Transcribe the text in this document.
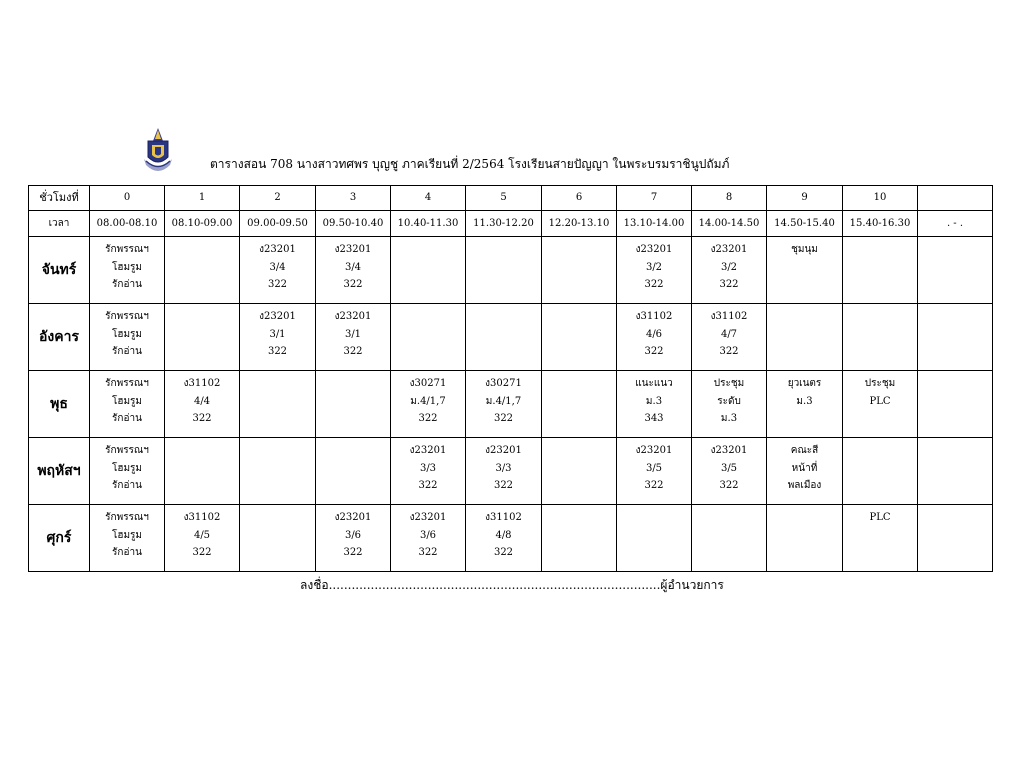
ตารางสอน 708 นางสาวทศพร บุญชู ภาคเรียนที่ 2/2564 โรงเรียนสายปัญญา ในพระบรมราชินูปถัมภ์
ชั่วโมงที่	0	1	2	3	4	5	6	7	8	9	10	
เวลา	08.00-08.10	08.10-09.00	09.00-09.50	09.50-10.40	10.40-11.30	11.30-12.20	12.20-13.10	13.10-14.00	14.00-14.50	14.50-15.40	15.40-16.30	. - .
จันทร์	รักพรรณฯ
โฮมรูม
รักอ่าน		ง23201
3/4
322	ง23201
3/4
322				ง23201
3/2
322	ง23201
3/2
322	ชุมนุม		

อังคาร	รักพรรณฯ
โฮมรูม
รักอ่าน		ง23201
3/1
322	ง23201
3/1
322				ง31102
4/6
322	ง31102
4/7
322			

พุธ	รักพรรณฯ
โฮมรูม
รักอ่าน	ง31102
4/4
322			ง30271
ม.4/1,7
322	ง30271
ม.4/1,7
322		แนะแนว
ม.3
343	ประชุม
ระดับ
ม.3	ยุวเนตร
ม.3	ประชุม
PLC	

พฤหัสฯ	รักพรรณฯ
โฮมรูม
รักอ่าน				ง23201
3/3
322	ง23201
3/3
322		ง23201
3/5
322	ง23201
3/5
322	คณะสี
หน้าที่
พลเมือง		

ศุกร์	รักพรรณฯ
โฮมรูม
รักอ่าน	ง31102
4/5
322		ง23201
3/6
322	ง23201
3/6
322	ง31102
4/8
322					PLC	

ลงชื่อ.......................................................................................ผู้อำนวยการ
